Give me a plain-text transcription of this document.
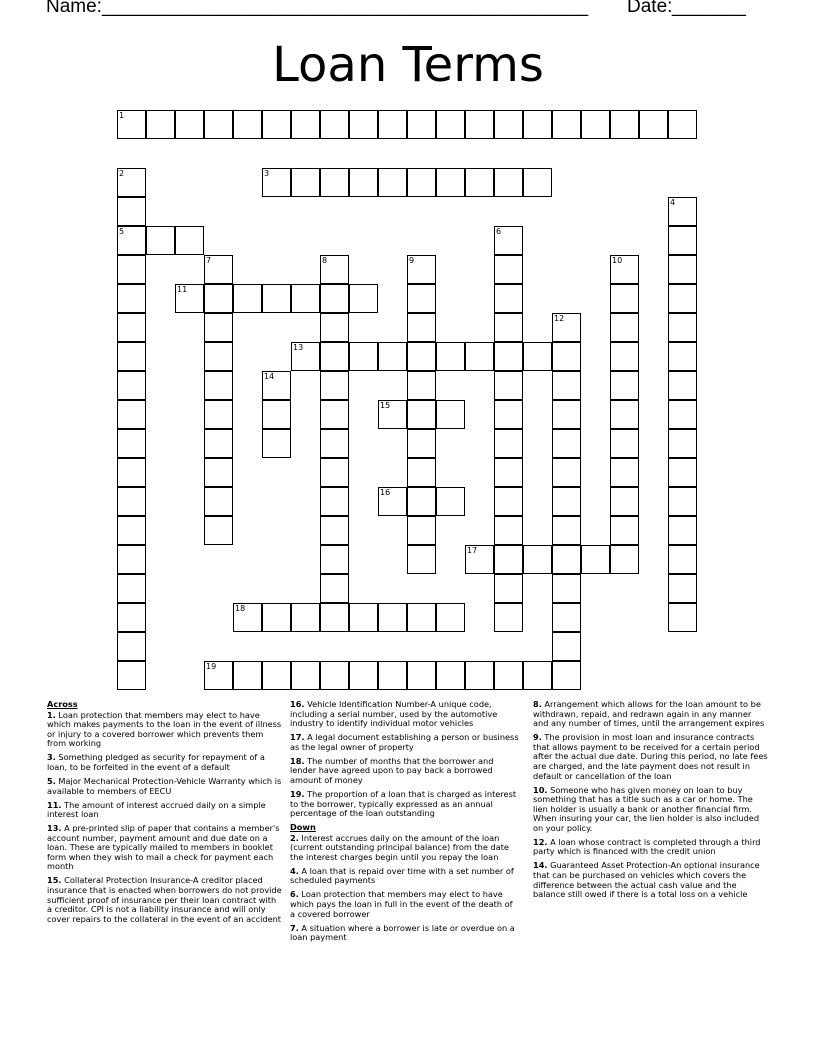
Name: ______________________________________________ Date: _______
Loan Terms
1
2
5
3
4
6
7	8	9	10
11
12
13
14
15
16
17
18
19
Across
1. Loan protection that members may elect to have which makes payments to the loan in the event of illness or injury to a covered borrower which prevents them from working
3. Something pledged as security for repayment of a loan, to be forfeited in the event of a default
5. Major Mechanical Protection-Vehicle Warranty which is available to members of EECU
11. The amount of interest accrued daily on a simple interest loan
13. A pre-printed slip of paper that contains a member's account number, payment amount and due date on a loan. These are typically mailed to members in booklet form when they wish to mail a check for payment each month
15. Collateral Protection Insurance-A creditor placed insurance that is enacted when borrowers do not provide sufficient proof of insurance per their loan contract with a creditor. CPI is not a liability insurance and will only cover repairs to the collateral in the event of an accident
16. Vehicle Identification Number-A unique code, including a serial number, used by the automotive industry to identify individual motor vehicles
17. A legal document establishing a person or business as the legal owner of property
18. The number of months that the borrower and lender have agreed upon to pay back a borrowed amount of money
19. The proportion of a loan that is charged as interest to the borrower, typically expressed as an annual percentage of the loan outstanding
Down
2. Interest accrues daily on the amount of the loan (current outstanding principal balance) from the date the interest charges begin until you repay the loan
4. A loan that is repaid over time with a set number of scheduled payments
6. Loan protection that members may elect to have which pays the loan in full in the event of the death of a covered borrower
7. A situation where a borrower is late or overdue on a loan payment
8. Arrangement which allows for the loan amount to be withdrawn, repaid, and redrawn again in any manner and any number of times, until the arrangement expires
9. The provision in most loan and insurance contracts that allows payment to be received for a certain period after the actual due date. During this period, no late fees are charged, and the late payment does not result in default or cancellation of the loan
10. Someone who has given money on loan to buy something that has a title such as a car or home. The lien holder is usually a bank or another financial firm. When insuring your car, the lien holder is also included on your policy.
12. A loan whose contract is completed through a third party which is financed with the credit union
14. Guaranteed Asset Protection-An optional insurance that can be purchased on vehicles which covers the difference between the actual cash value and the balance still owed if there is a total loss on a vehicle
